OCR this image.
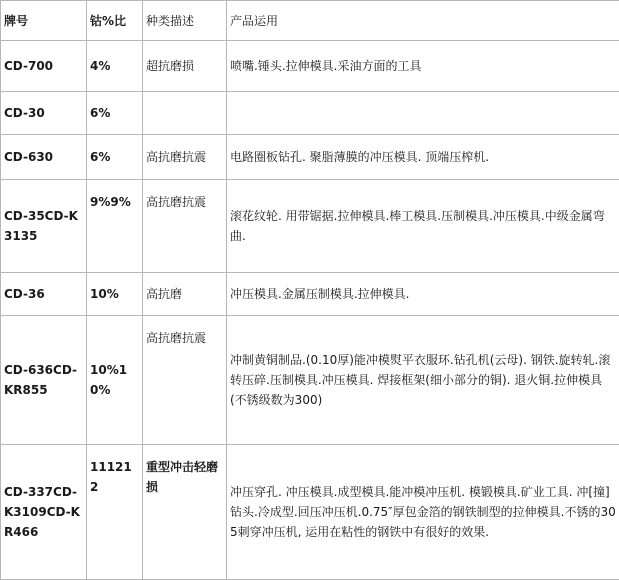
牌号	钴%比	种类描述	产品运用
CD-700	4%	超抗磨损	喷嘴.锤头.拉伸模具.采油方面的工具
CD-30	6%		
CD-630	6%	高抗磨抗震	电路圈板钻孔. 聚脂薄膜的冲压模具. 顶端压榨机.
CD-35CD-K3135	9%9%	高抗磨抗震	滚花纹轮. 用带锯据.拉伸模具.棒工模具.压制模具.冲压模具.中级金属弯曲.
CD-36	10%	高抗磨	冲压模具.金属压制模具.拉伸模具.
CD-636CD-KR855	10%10%	高抗磨抗震	冲制黄铜制品.(0.10厚)能冲模熨平衣服环.钻孔机(云母). 钢铁.旋转轧.滚转压碎.压制模具.冲压模具. 焊接框架(细小部分的铜). 退火铜.拉伸模具(不锈级数为300)
CD-337CD-K3109CD-KR466	111212	重型冲击轻磨损	冲压穿孔. 冲压模具.成型模具.能冲模冲压机. 模锻模具.矿业工具. 冲[撞]钻头.冷成型.回压冲压机.0.75″厚包金箔的钢铁制型的拉伸模具.不锈的305刺穿冲压机, 运用在粘性的钢铁中有很好的效果.
